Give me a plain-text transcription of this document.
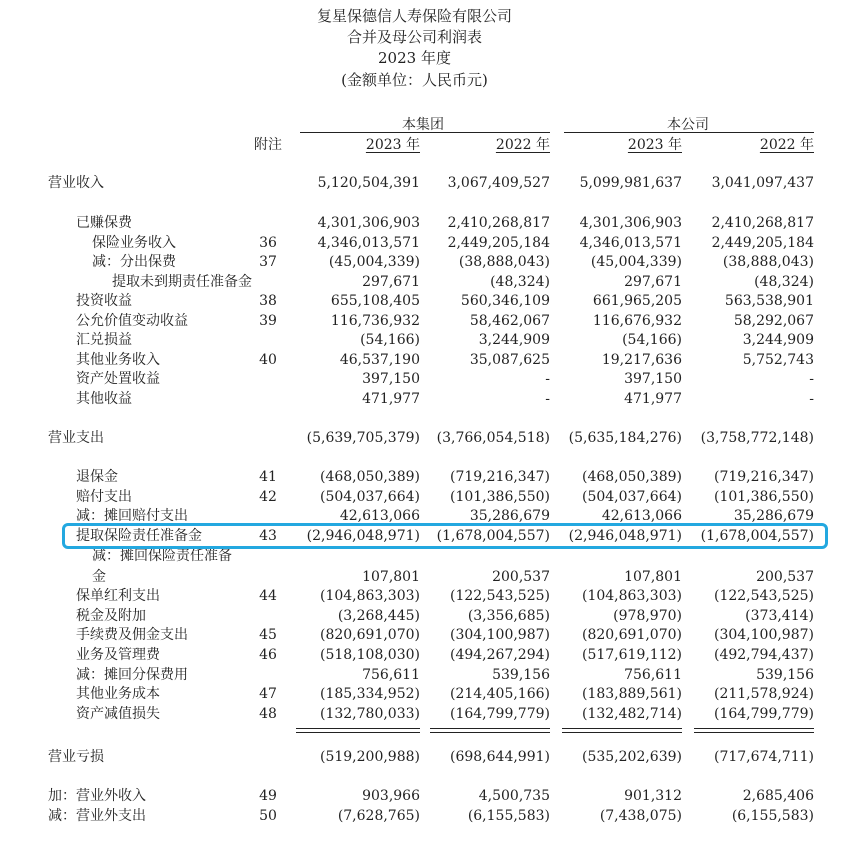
复星保德信人寿保险有限公司
合并及母公司利润表
2023 年度
(金额单位：人民币元)
本集团	本公司
附注	2023 年	2022 年	2023 年	2022 年
营业收入	5,120,504,391	3,067,409,527	5,099,981,637	3,041,097,437
已赚保费	4,301,306,903	2,410,268,817	4,301,306,903	2,410,268,817
保险业务收入	36	4,346,013,571	2,449,205,184	4,346,013,571	2,449,205,184
减：分出保费	37	(45,004,339)	(38,888,043)	(45,004,339)	(38,888,043)
提取未到期责任准备金	297,671	(48,324)	297,671	(48,324)
投资收益	38	655,108,405	560,346,109	661,965,205	563,538,901
公允价值变动收益	39	116,736,932	58,462,067	116,676,932	58,292,067
汇兑损益	(54,166)	3,244,909	(54,166)	3,244,909
其他业务收入	40	46,537,190	35,087,625	19,217,636	5,752,743
资产处置收益	397,150	-	397,150	-
其他收益	471,977	-	471,977	-
营业支出	(5,639,705,379)	(3,766,054,518)	(5,635,184,276)	(3,758,772,148)
退保金	41	(468,050,389)	(719,216,347)	(468,050,389)	(719,216,347)
赔付支出	42	(504,037,664)	(101,386,550)	(504,037,664)	(101,386,550)
减：摊回赔付支出	42,613,066	35,286,679	42,613,066	35,286,679
提取保险责任准备金	43	(2,946,048,971)	(1,678,004,557)	(2,946,048,971)	(1,678,004,557)
减：摊回保险责任准备
金	107,801	200,537	107,801	200,537
保单红利支出	44	(104,863,303)	(122,543,525)	(104,863,303)	(122,543,525)
税金及附加	(3,268,445)	(3,356,685)	(978,970)	(373,414)
手续费及佣金支出	45	(820,691,070)	(304,100,987)	(820,691,070)	(304,100,987)
业务及管理费	46	(518,108,030)	(494,267,294)	(517,619,112)	(492,794,437)
减：摊回分保费用	756,611	539,156	756,611	539,156
其他业务成本	47	(185,334,952)	(214,405,166)	(183,889,561)	(211,578,924)
资产减值损失	48	(132,780,033)	(164,799,779)	(132,482,714)	(164,799,779)
营业亏损	(519,200,988)	(698,644,991)	(535,202,639)	(717,674,711)
加：营业外收入	49	903,966	4,500,735	901,312	2,685,406
减：营业外支出	50	(7,628,765)	(6,155,583)	(7,438,075)	(6,155,583)
